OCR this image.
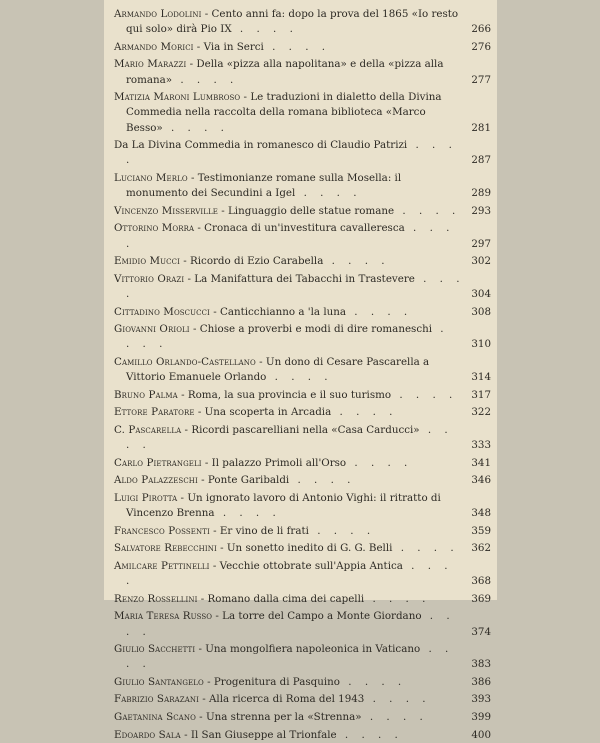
Armando Lodolini - Cento anni fa: dopo la prova del 1865 «Io resto qui solo» dirà Pio IX . . . .	266
Armando Morici - Via in Serci . . . .	276
Mario Marazzi - Della «pizza alla napolitana» e della «pizza alla romana» . . . .	277
Matizia Maroni Lumbroso - Le traduzioni in dialetto della Divina Commedia nella raccolta della romana biblioteca «Marco Besso» . . . .	281
Da La Divina Commedia in romanesco di Claudio Patrizi . . . .	287
Luciano Merlo - Testimonianze romane sulla Mosella: il monumento dei Secundini a Igel . . . .	289
Vincenzo Misserville - Linguaggio delle statue romane . . . . 293
Ottorino Morra - Cronaca di un'investitura cavalleresca . . . .	297
Emidio Mucci - Ricordo di Ezio Carabella . . . .	302
Vittorio Orazi - La Manifattura dei Tabacchi in Trastevere . . . .	304
Cittadino Moscucci - Canticchianno a 'la luna . . . .	308
Giovanni Orioli - Chiose a proverbi e modi di dire romaneschi . . . .	310
Camillo Orlando-Castellano - Un dono di Cesare Pascarella a Vittorio Emanuele Orlando . . . .	314
Bruno Palma - Roma, la sua provincia e il suo turismo . . . . 317
Ettore Paratore - Una scoperta in Arcadia . . . .	322
C. Pascarella - Ricordi pascarelliani nella «Casa Carducci» . . . .	333
Carlo Pietrangeli - Il palazzo Primoli all'Orso . . . .	341
Aldo Palazzeschi - Ponte Garibaldi . . . .	346
Luigi Pirotta - Un ignorato lavoro di Antonio Vighi: il ritratto di Vincenzo Brenna . . . .	348
Francesco Possenti - Er vino de li frati . . . .	359
Salvatore Rebecchini - Un sonetto inedito di G. G. Belli . . . . 362
Amilcare Pettinelli - Vecchie ottobrate sull'Appia Antica . . . .	368
Renzo Rossellini - Romano dalla cima dei capelli . . . .	369
Maria Teresa Russo - La torre del Campo a Monte Giordano . . . .	374
Giulio Sacchetti - Una mongolfiera napoleonica in Vaticano . . . .	383
Giulio Santangelo - Progenitura di Pasquino . . . .	386
Fabrizio Sarazani - Alla ricerca di Roma del 1943 . . . .	393
Gaetanina Scano - Una strenna per la «Strenna» . . . .	399
Edoardo Sala - Il San Giuseppe al Trionfale . . . .	400
